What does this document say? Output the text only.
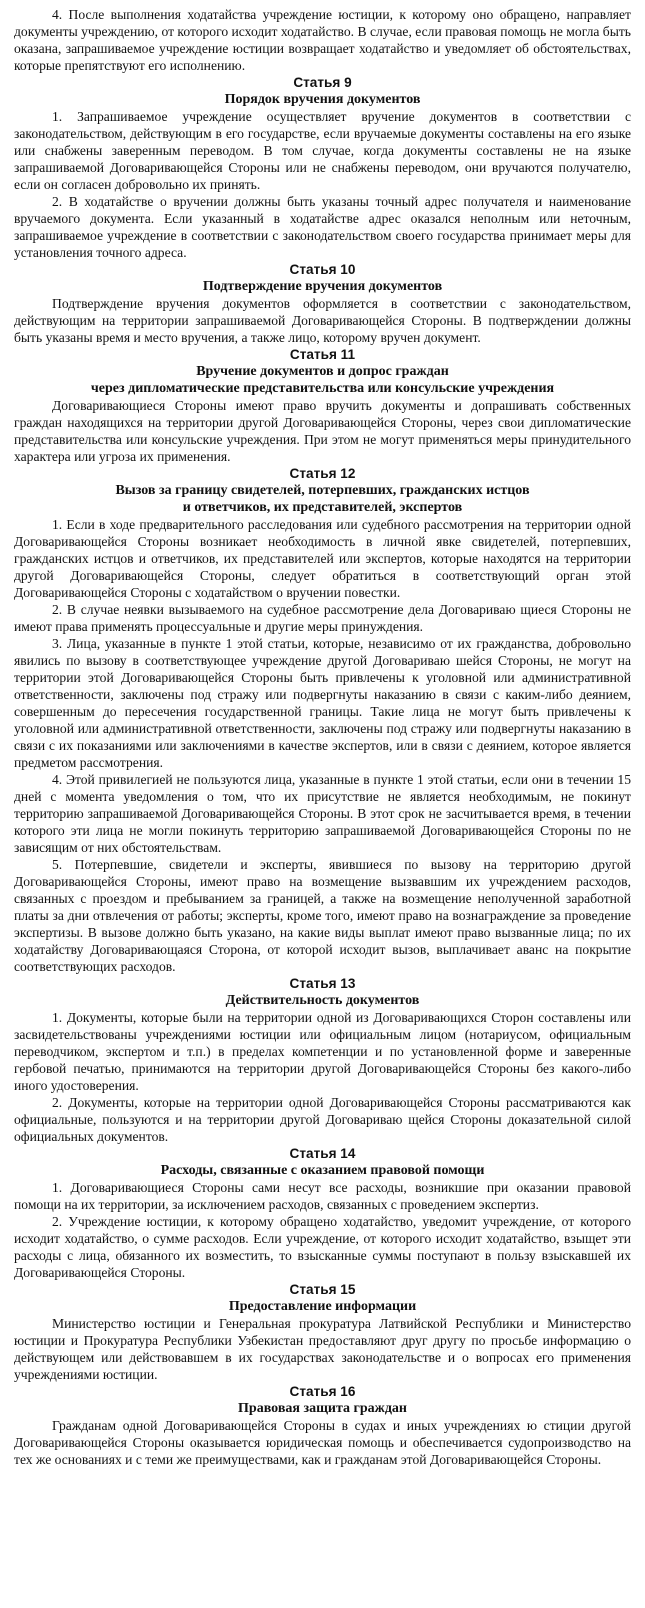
4. После выполнения ходатайства учреждение юстиции, к которому оно обращено, направляет документы учреждению, от которого исходит ходатайство. В случае, если правовая помощь не могла быть оказана, запрашиваемое учреждение юстиции возвращает ходатайство и уведомляет об обстоятельствах, которые препятствуют его исполнению.

Статья 9

Порядок вручения документов

1. Запрашиваемое учреждение осуществляет вручение документов в соответствии с законодательством, действующим в его государстве, если вручаемые документы составлены на его языке или снабжены заверенным переводом. В том случае, когда документы составлены не на языке запрашиваемой Договаривающейся Стороны или не снабжены переводом, они вручаются получателю, если он согласен добровольно их принять.

2. В ходатайстве о вручении должны быть указаны точный адрес получателя и наименование вручаемого документа. Если указанный в ходатайстве адрес оказался неполным или неточным, запрашиваемое учреждение в соответствии с законодательством своего государства принимает меры для установления точного адреса.

Статья 10

Подтверждение вручения документов

Подтверждение вручения документов оформляется в соответствии с законодательством, действующим на территории запрашиваемой Договаривающейся Стороны. В подтверждении должны быть указаны время и место вручения, а также лицо, которому вручен документ.

Статья 11

Вручение документов и допрос граждан

через дипломатические представительства или консульские учреждения

Договаривающиеся Стороны имеют право вручить документы и допрашивать собственных граждан находящихся на территории другой Договаривающейся Стороны, через свои дипломатические представительства или консульские учреждения. При этом не могут применяться меры принудительного характера или угроза их применения.

Статья 12

Вызов за границу свидетелей, потерпевших, гражданских истцов

и ответчиков, их представителей, экспертов

1. Если в ходе предварительного расследования или судебного рассмотрения на территории одной Договаривающейся Стороны возникает необходимость в личной явке свидетелей, потерпевших, гражданских истцов и ответчиков, их представителей или экспертов, которые находятся на территории другой Договаривающейся Стороны, следует обратиться в соответствующий орган этой Договаривающейся Стороны с ходатайством о вручении повестки.

2. В случае неявки вызываемого на судебное рассмотрение дела Договариваю щиеся Стороны не имеют права применять процессуальные и другие меры принуждения.

3. Лица, указанные в пункте 1 этой статьи, которые, независимо от их гражданства, добровольно явились по вызову в соответствующее учреждение другой Договариваю шейся Стороны, не могут на территории этой Договаривающейся Стороны быть привлечены к уголовной или административной ответственности, заключены под стражу или подвергнуты наказанию в связи с каким-либо деянием, совершенным до пересечения государственной границы. Такие лица не могут быть привлечены к уголовной или административной ответственности, заключены под стражу или подвергнуты наказанию в связи с их показаниями или заключениями в качестве экспертов, или в связи с деянием, которое является предметом рассмотрения.

4. Этой привилегией не пользуются лица, указанные в пункте 1 этой статьи, если они в течении 15 дней с момента уведомления о том, что их присутствие не является необходимым, не покинут территорию запрашиваемой Договаривающейся Стороны. В этот срок не засчитывается время, в течении которого эти лица не могли покинуть территорию запрашиваемой Договаривающейся Стороны по не зависящим от них обстоятельствам.

5. Потерпевшие, свидетели и эксперты, явившиеся по вызову на территорию другой Договаривающейся Стороны, имеют право на возмещение вызвавшим их учреждением расходов, связанных с проездом и пребыванием за границей, а также на возмещение неполученной заработной платы за дни отвлечения от работы; эксперты, кроме того, имеют право на вознаграждение за проведение экспертизы. В вызове должно быть указано, на какие виды выплат имеют право вызванные лица; по их ходатайству Договаривающаяся Сторона, от которой исходит вызов, выплачивает аванс на покрытие соответствующих расходов.

Статья 13

Действительность документов

1. Документы, которые были на территории одной из Договаривающихся Сторон составлены или засвидетельствованы учреждениями юстиции или официальным лицом (нотариусом, официальным переводчиком, экспертом и т.п.) в пределах компетенции и по установленной форме и заверенные гербовой печатью, принимаются на территории другой Договаривающейся Стороны без какого-либо иного удостоверения.

2. Документы, которые на территории одной Договаривающейся Стороны рассматриваются как официальные, пользуются и на территории другой Договариваю щейся Стороны доказательной силой официальных документов.

Статья 14

Расходы, связанные с оказанием правовой помощи

1. Договаривающиеся Стороны сами несут все расходы, возникшие при оказании правовой помощи на их территории, за исключением расходов, связанных с проведением экспертиз.

2. Учреждение юстиции, к которому обращено ходатайство, уведомит учреждение, от которого исходит ходатайство, о сумме расходов. Если учреждение, от которого исходит ходатайство, взыщет эти расходы с лица, обязанного их возместить, то взысканные суммы поступают в пользу взыскавшей их Договаривающейся Стороны.

Статья 15

Предоставление информации

Министерство юстиции и Генеральная прокуратура Латвийской Республики и Министерство юстиции и Прокуратура Республики Узбекистан предоставляют друг другу по просьбе информацию о действующем или действовавшем в их государствах законодательстве и о вопросах его применения учреждениями юстиции.

Статья 16

Правовая защита граждан

Гражданам одной Договаривающейся Стороны в судах и иных учреждениях ю стиции другой Договаривающейся Стороны оказывается юридическая помощь и обеспечивается судопроизводство на тех же основаниях и с теми же преимуществами, как и гражданам этой Договаривающейся Стороны.
